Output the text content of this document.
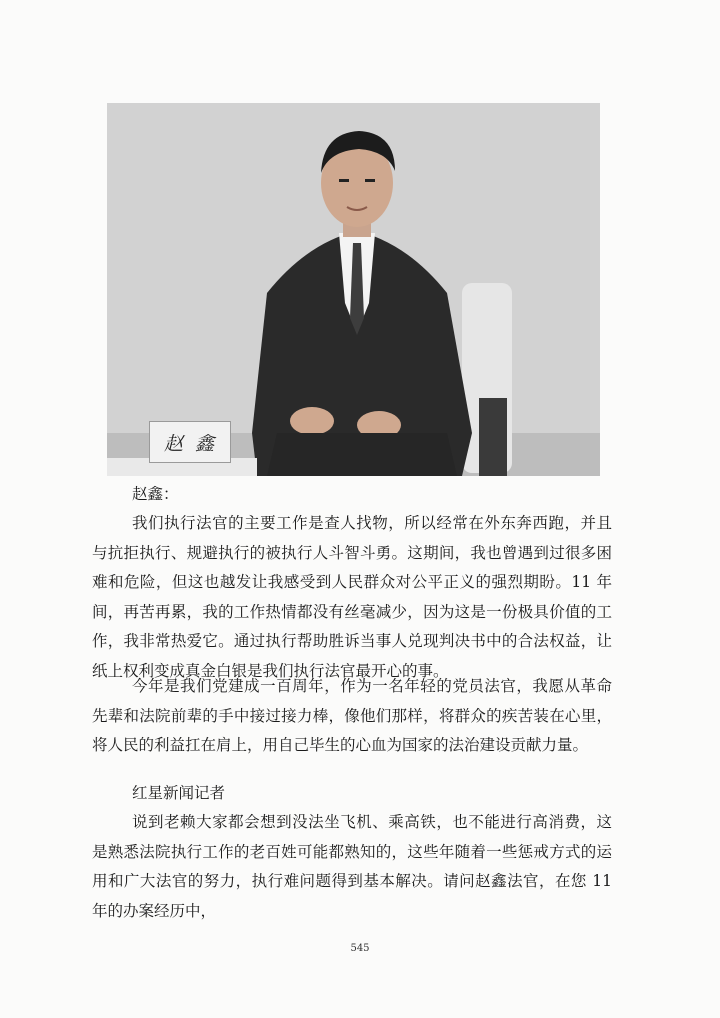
赵鑫

赵鑫：

我们执行法官的主要工作是查人找物，所以经常在外东奔西跑，并且与抗拒执行、规避执行的被执行人斗智斗勇。这期间，我也曾遇到过很多困难和危险，但这也越发让我感受到人民群众对公平正义的强烈期盼。11 年间，再苦再累，我的工作热情都没有丝毫减少，因为这是一份极具价值的工作，我非常热爱它。通过执行帮助胜诉当事人兑现判决书中的合法权益，让纸上权利变成真金白银是我们执行法官最开心的事。

今年是我们党建成一百周年，作为一名年轻的党员法官，我愿从革命先辈和法院前辈的手中接过接力棒，像他们那样，将群众的疾苦装在心里，将人民的利益扛在肩上，用自己毕生的心血为国家的法治建设贡献力量。

红星新闻记者

说到老赖大家都会想到没法坐飞机、乘高铁，也不能进行高消费，这是熟悉法院执行工作的老百姓可能都熟知的，这些年随着一些惩戒方式的运用和广大法官的努力，执行难问题得到基本解决。请问赵鑫法官，在您 11 年的办案经历中，

545
